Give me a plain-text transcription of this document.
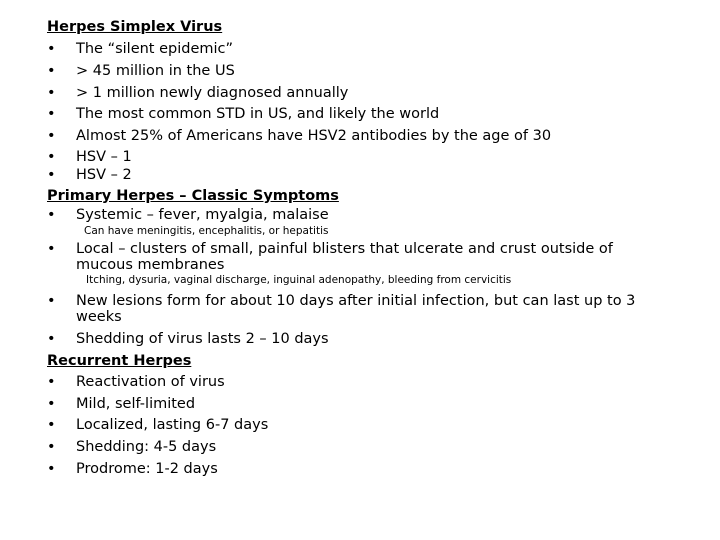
Herpes Simplex Virus
•	The “silent epidemic”
•	> 45 million in the US
•	> 1 million newly diagnosed annually
•	The most common STD in US, and likely the world
•	Almost 25% of Americans have HSV2 antibodies by the age of 30
•	HSV – 1
•	HSV – 2
Primary Herpes – Classic Symptoms
•	Systemic – fever, myalgia, malaise
Can have meningitis, encephalitis, or hepatitis
•	Local – clusters of small, painful blisters that ulcerate and crust outside of
mucous membranes
Itching, dysuria, vaginal discharge, inguinal adenopathy, bleeding from cervicitis
•	New lesions form for about 10 days after initial infection, but can last up to 3
weeks
•	Shedding of virus lasts 2 – 10 days
Recurrent Herpes
•	Reactivation of virus
•	Mild, self-limited
•	Localized, lasting 6-7 days
•	Shedding: 4-5 days
•	Prodrome: 1-2 days
